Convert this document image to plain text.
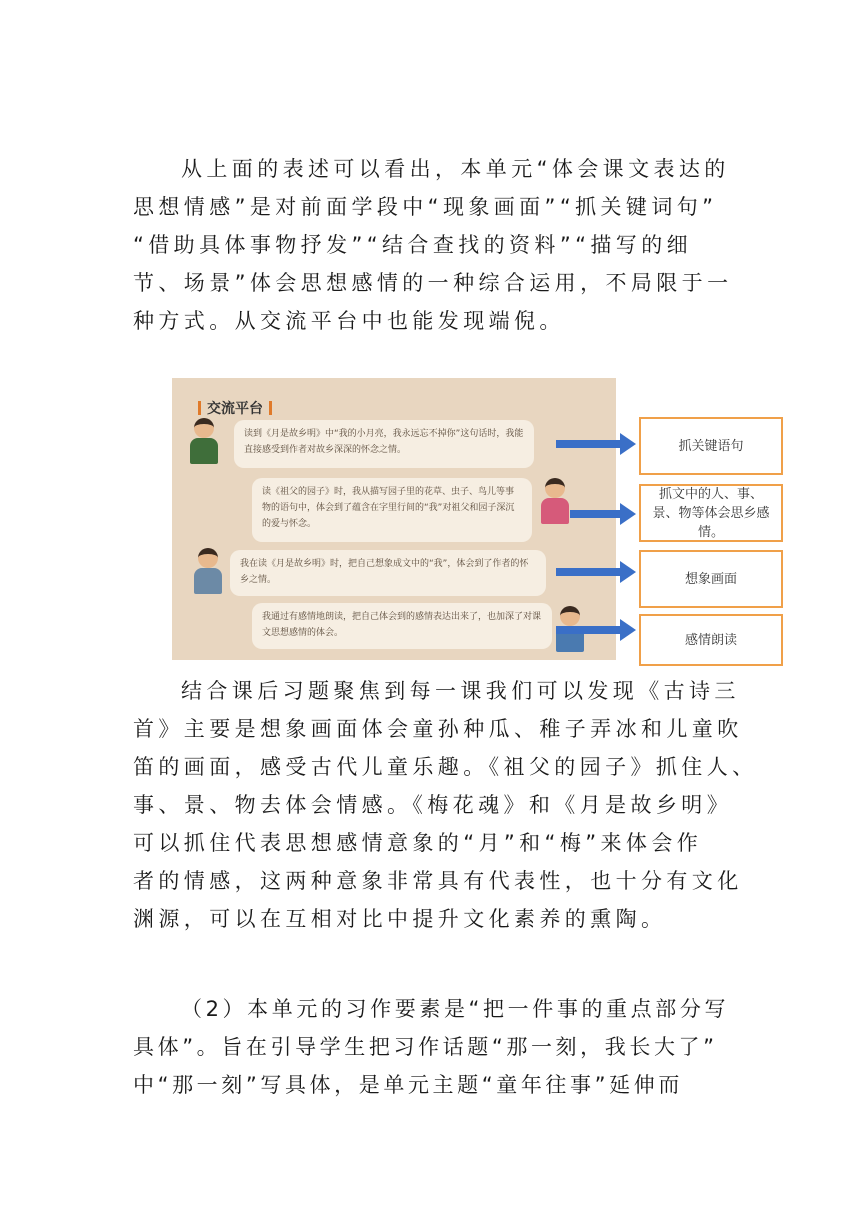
从上面的表述可以看出，本单元“体会课文表达的
思想情感”是对前面学段中“现象画面”“抓关键词句”
“借助具体事物抒发”“结合查找的资料”“描写的细
节、场景”体会思想感情的一种综合运用，不局限于一
种方式。从交流平台中也能发现端倪。
交流平台
读到《月是故乡明》中“我的小月亮，我永远忘不掉你”这句话时，我能直接感受到作者对故乡深深的怀念之情。
读《祖父的园子》时，我从描写园子里的花草、虫子、鸟儿等事物的语句中，体会到了蕴含在字里行间的“我”对祖父和园子深沉的爱与怀念。
我在读《月是故乡明》时，把自己想象成文中的“我”，体会到了作者的怀乡之情。
我通过有感情地朗读，把自己体会到的感情表达出来了，也加深了对课文思想感情的体会。
抓关键语句
抓文中的人、事、景、物等体会思乡感情。
想象画面
感情朗读
结合课后习题聚焦到每一课我们可以发现《古诗三
首》主要是想象画面体会童孙种瓜、稚子弄冰和儿童吹
笛的画面，感受古代儿童乐趣。《祖父的园子》抓住人、
事、景、物去体会情感。《梅花魂》和《月是故乡明》
可以抓住代表思想感情意象的“月”和“梅”来体会作
者的情感，这两种意象非常具有代表性，也十分有文化
渊源，可以在互相对比中提升文化素养的熏陶。
（2）本单元的习作要素是“把一件事的重点部分写
具体”。旨在引导学生把习作话题“那一刻，我长大了”
中“那一刻”写具体，是单元主题“童年往事”延伸而
